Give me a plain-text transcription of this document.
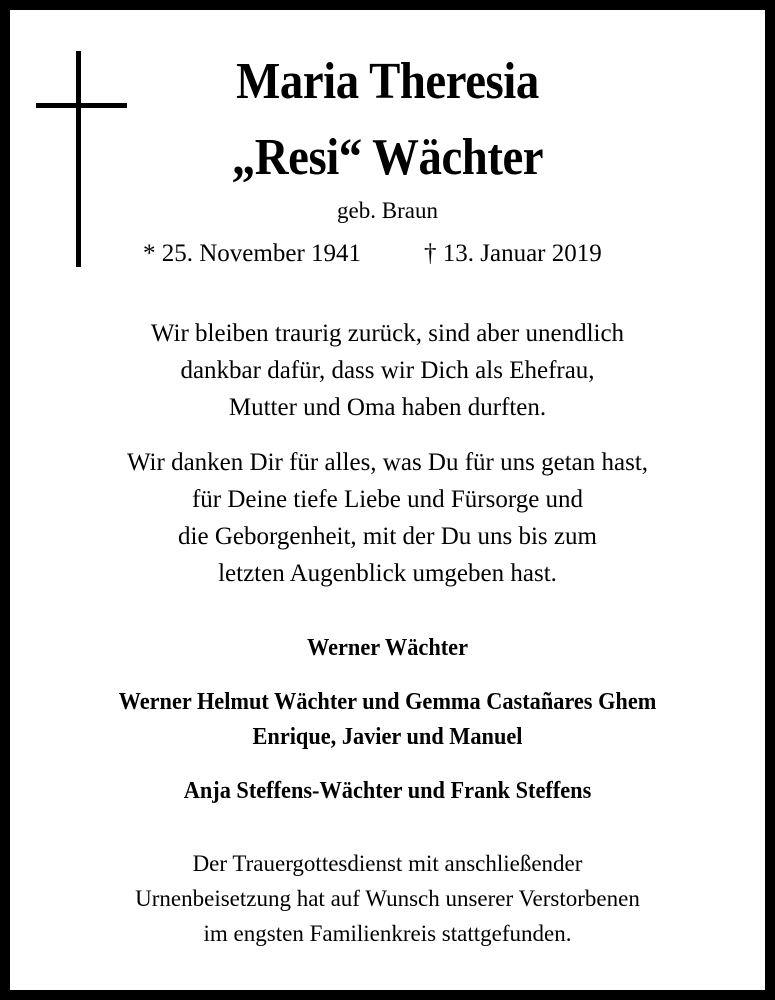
Maria Theresia
„Resi“ Wächter
geb. Braun
* 25. November 1941	† 13. Januar 2019
Wir bleiben traurig zurück, sind aber unendlich
dankbar dafür, dass wir Dich als Ehefrau,
Mutter und Oma haben durften.
Wir danken Dir für alles, was Du für uns getan hast,
für Deine tiefe Liebe und Fürsorge und
die Geborgenheit, mit der Du uns bis zum
letzten Augenblick umgeben hast.
Werner Wächter
Werner Helmut Wächter und Gemma Castañares Ghem
Enrique, Javier und Manuel
Anja Steffens-Wächter und Frank Steffens
Der Trauergottesdienst mit anschließender
Urnenbeisetzung hat auf Wunsch unserer Verstorbenen
im engsten Familienkreis stattgefunden.
